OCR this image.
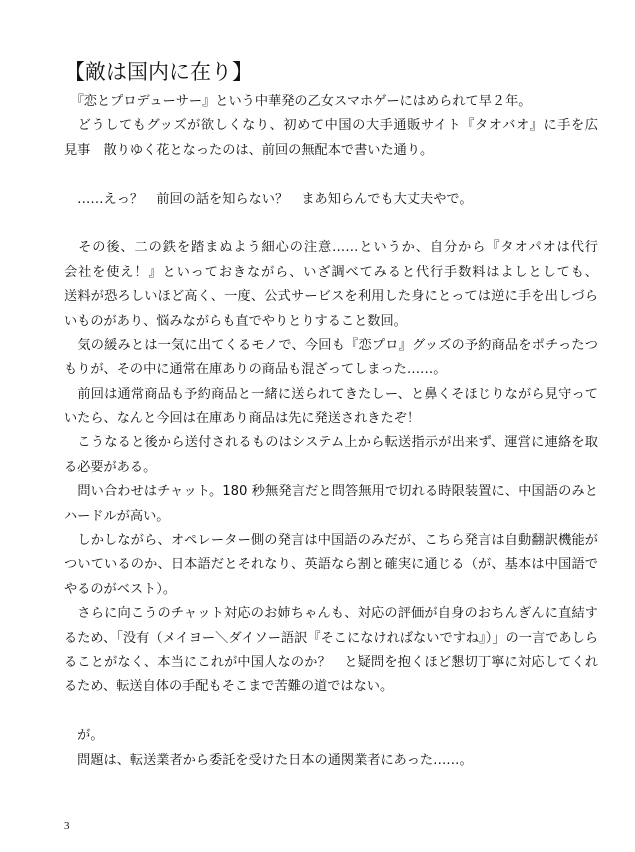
【敵は国内に在り】
　『恋とプロデューサー』という中華発の乙女スマホゲーにはめられて早２年。
　どうしてもグッズが欲しくなり、初めて中国の大手通販サイト『タオバオ』に手を広
見事　散りゆく花となったのは、前回の無配本で書いた通り。
　……えっ？　前回の話を知らない？　まあ知らんでも大丈夫やで。
　その後、二の鉄を踏まぬよう細心の注意……というか、自分から『タオパオは代行
会社を使え！』といっておきながら、いざ調べてみると代行手数料はよしとしても、
送料が恐ろしいほど高く、一度、公式サービスを利用した身にとっては逆に手を出しづら
いものがあり、悩みながらも直でやりとりすること数回。
　気の緩みとは一気に出てくるモノで、今回も『恋プロ』グッズの予約商品をポチったつ
もりが、その中に通常在庫ありの商品も混ざってしまった……。
　前回は通常商品も予約商品と一緒に送られてきたしー、と鼻くそほじりながら見守って
いたら、なんと今回は在庫あり商品は先に発送されきたぞ！
　こうなると後から送付されるものはシステム上から転送指示が出来ず、運営に連絡を取
る必要がある。
　問い合わせはチャット。180 秒無発言だと問答無用で切れる時限装置に、中国語のみと
ハードルが高い。
　しかしながら、オペレーター側の発言は中国語のみだが、こちら発言は自動翻訳機能が
ついているのか、日本語だとそれなり、英語なら割と確実に通じる（が、基本は中国語で
やるのがベスト）。
　さらに向こうのチャット対応のお姉ちゃんも、対応の評価が自身のおちんぎんに直結す
るため、「没有（メイヨー＼ダイソー語訳『そこになければないですね』）」の一言であしら
ることがなく、本当にこれが中国人なのか？　と疑問を抱くほど懇切丁寧に対応してくれ
るため、転送自体の手配もそこまで苦難の道ではない。
　が。
　問題は、転送業者から委託を受けた日本の通関業者にあった……。
3
